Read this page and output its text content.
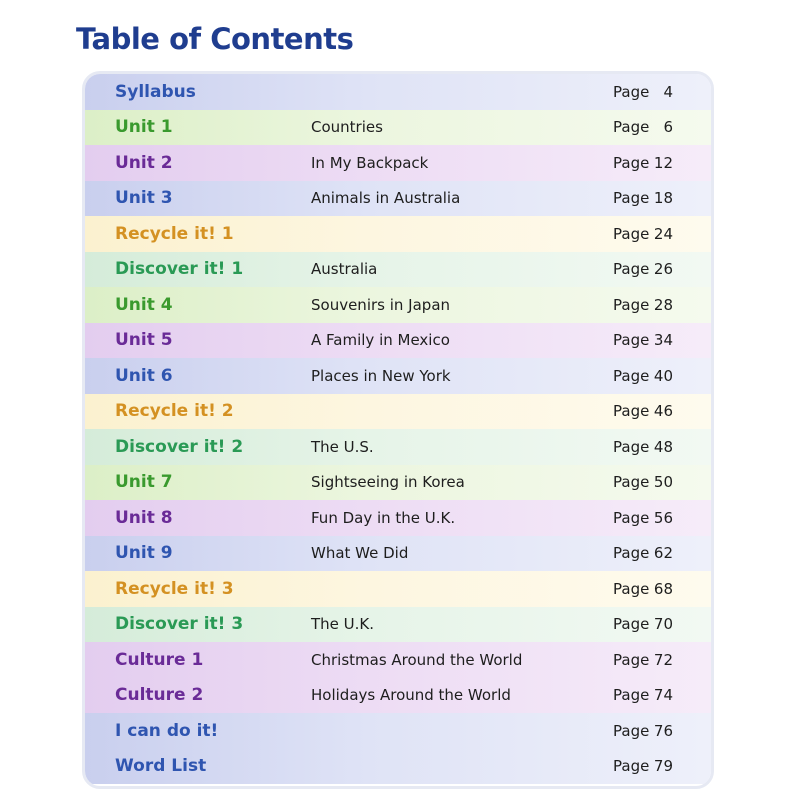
Table of Contents
Syllabus	Page 4
Unit 1	Countries	Page 6
Unit 2	In My Backpack	Page 12
Unit 3	Animals in Australia	Page 18
Recycle it! 1	Page 24
Discover it! 1	Australia	Page 26
Unit 4	Souvenirs in Japan	Page 28
Unit 5	A Family in Mexico	Page 34
Unit 6	Places in New York	Page 40
Recycle it! 2	Page 46
Discover it! 2	The U.S.	Page 48
Unit 7	Sightseeing in Korea	Page 50
Unit 8	Fun Day in the U.K.	Page 56
Unit 9	What We Did	Page 62
Recycle it! 3	Page 68
Discover it! 3	The U.K.	Page 70
Culture 1	Christmas Around the World	Page 72
Culture 2	Holidays Around the World	Page 74
I can do it!	Page 76
Word List	Page 79
